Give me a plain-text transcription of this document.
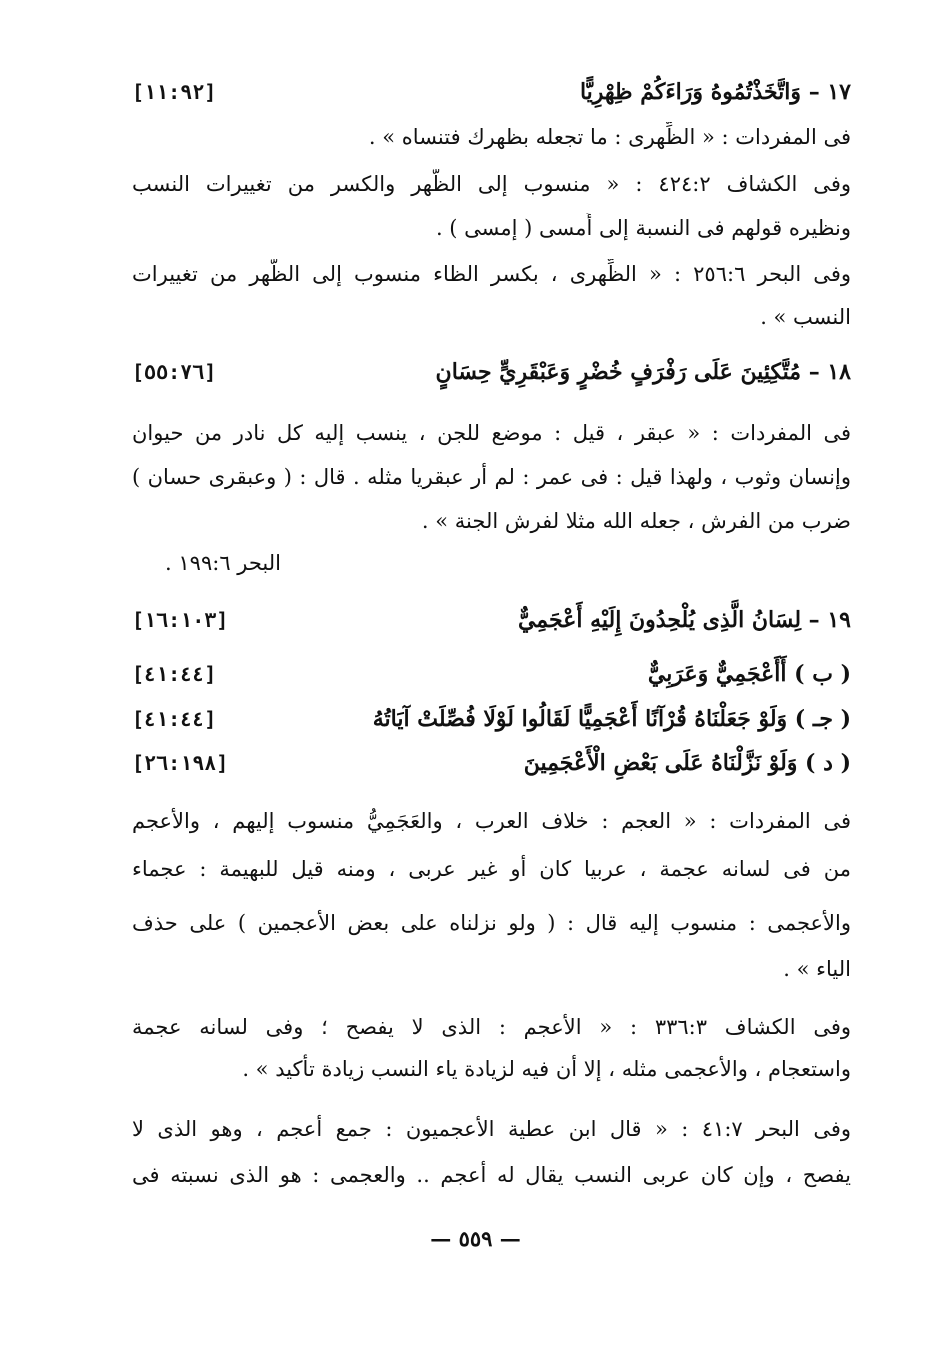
١٧ – وَاتَّخَذْتُمُوهُ وَرَاءَكُمْ ظِهْرِيًّا
[١١:٩٢]
فى المفردات : « الظِّهرى : ما تجعله بظهرك فتنساه » .
وفى الكشاف ٤٢٤:٢ : « منسوب إلى الظَّهر والكسر من تغييرات النسب
ونظيره قولهم فى النسبة إلى أُمسى ( إمسى ) .
وفى البحر ٢٥٦:٦ : « الظِّهرى ، بكسر الظاء منسوب إلى الظَّهر من تغييرات
النسب » .
١٨ – مُتَّكِئِينَ عَلَى رَفْرَفٍ خُضْرٍ وَعَبْقَرِيٍّ حِسَانٍ
[٥٥:٧٦]
فى المفردات : « عبقر ، قيل : موضع للجن ، ينسب إليه كل نادر من حيوان
وإنسان وثوب ، ولهذا قيل : فى عمر : لم أر عبقريا مثله . قال : ( وعبقرى حسان )
ضرب من الفرش ، جعله الله مثلا لفرش الجنة » .
البحر ١٩٩:٦ .
١٩ – لِسَانُ الَّذِى يُلْحِدُونَ إِلَيْهِ أَعْجَمِيٌّ
[١٦:١٠٣]
( ب ) أَأَعْجَمِيٌّ وَعَرَبِيٌّ
[٤١:٤٤]
( جـ ) وَلَوْ جَعَلْنَاهُ قُرْآنًا أَعْجَمِيًّا لَقَالُوا لَوْلَا فُصِّلَتْ آيَاتُهُ
[٤١:٤٤]
( د ) وَلَوْ نَزَّلْنَاهُ عَلَى بَعْضِ الْأَعْجَمِينَ
[٢٦:١٩٨]
فى المفردات : « العجم : خلاف العرب ، والعَجَمِيُّ منسوب إليهم ، والأعجم
من فى لسانه عجمة ، عربيا كان أو غير عربى ، ومنه قيل للبهيمة : عجماء
والأعجمى : منسوب إليه قال : ( ولو نزلناه على بعض الأعجمين ) على حذف
الياء » .
وفى الكشاف ٣٣٦:٣ : « الأعجم : الذى لا يفصح ؛ وفى لسانه عجمة
واستعجام ، والأعجمى مثله ، إلا أن فيه لزيادة ياء النسب زيادة تأكيد » .
وفى البحر ٤١:٧ : « قال ابن عطية الأعجميون : جمع أعجم ، وهو الذى لا
يفصح ، وإن كان عربى النسب يقال له أعجم .. والعجمى : هو الذى نسبته فى
— ٥٥٩ —
